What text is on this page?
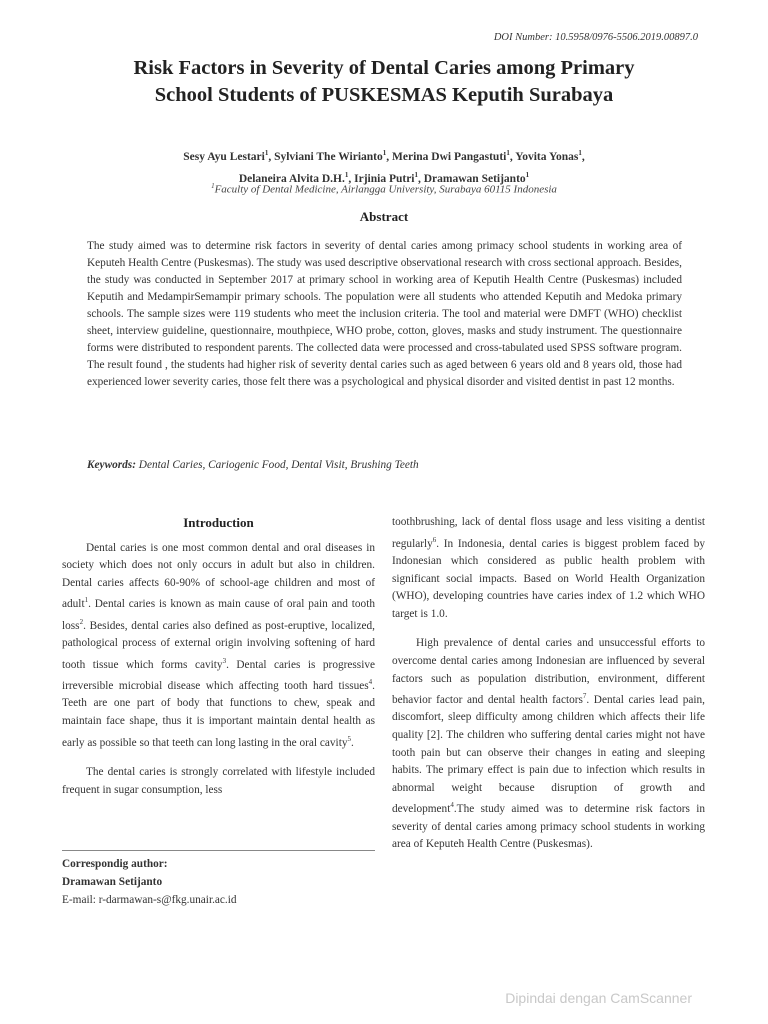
DOI Number: 10.5958/0976-5506.2019.00897.0
Risk Factors in Severity of Dental Caries among Primary
School Students of PUSKESMAS Keputih Surabaya
Sesy Ayu Lestari$^1$, Sylviani The Wirianto$^1$, Merina Dwi Pangastuti$^1$, Yovita Yonas$^1$,
Delaneira Alvita D.H.$^1$, Irjinia Putri$^1$, Dramawan Setijanto$^1$
$^1$Faculty of Dental Medicine, Airlangga University, Surabaya 60115 Indonesia
Abstract

The study aimed was to determine risk factors in severity of dental caries among primacy school students in working area of Keputeh Health Centre (Puskesmas). The study was used descriptive observational research with cross sectional approach. Besides, the study was conducted in September 2017 at primary school in working area of Keputih Health Centre (Puskesmas) included Keputih and MedampirSemampir primary schools. The population were all students who attended Keputih and Medoka primary schools. The sample sizes were 119 students who meet the inclusion criteria. The tool and material were DMFT (WHO) checklist sheet, interview guideline, questionnaire, mouthpiece, WHO probe, cotton, gloves, masks and study instrument. The questionnaire forms were distributed to respondent parents. The collected data were processed and cross-tabulated used SPSS software program. The result found , the students had higher risk of severity dental caries such as aged between 6 years old and 8 years old, those had experienced lower severity caries, those felt there was a psychological and physical disorder and visited dentist in past 12 months.

Keywords: Dental Caries, Cariogenic Food, Dental Visit, Brushing Teeth
Introduction

Dental caries is one most common dental and oral diseases in society which does not only occurs in adult but also in children. Dental caries affects 60-90% of school-age children and most of adult$^1$. Dental caries is known as main cause of oral pain and tooth loss$^2$. Besides, dental caries also defined as post-eruptive, localized, pathological process of external origin involving softening of hard tooth tissue which forms cavity$^3$. Dental caries is progressive irreversible microbial disease which affecting tooth hard tissues$^4$. Teeth are one part of body that functions to chew, speak and maintain face shape, thus it is important maintain dental health as early as possible so that teeth can long lasting in the oral cavity$^5$.

The dental caries is strongly correlated with lifestyle included frequent in sugar consumption, less

Correspondig author:
Dramawan Setijanto
E-mail: r-darmawan-s@fkg.unair.ac.id

toothbrushing, lack of dental floss usage and less visiting a dentist regularly$^6$. In Indonesia, dental caries is biggest problem faced by Indonesian which considered as public health problem with significant social impacts. Based on World Health Organization (WHO), developing countries have caries index of 1.2 which WHO target is 1.0.

High prevalence of dental caries and unsuccessful efforts to overcome dental caries among Indonesian are influenced by several factors such as population distribution, environment, different behavior factor and dental health factors$^7$. Dental caries lead pain, discomfort, sleep difficulty among children which affects their life quality [2]. The children who suffering dental caries might not have tooth pain but can observe their changes in eating and sleeping habits. The primary effect is pain due to infection which results in abnormal weight because disruption of growth and development$^4$.The study aimed was to determine risk factors in severity of dental caries among primacy school students in working area of Keputeh Health Centre (Puskesmas).

Dipindai dengan CamScanner
